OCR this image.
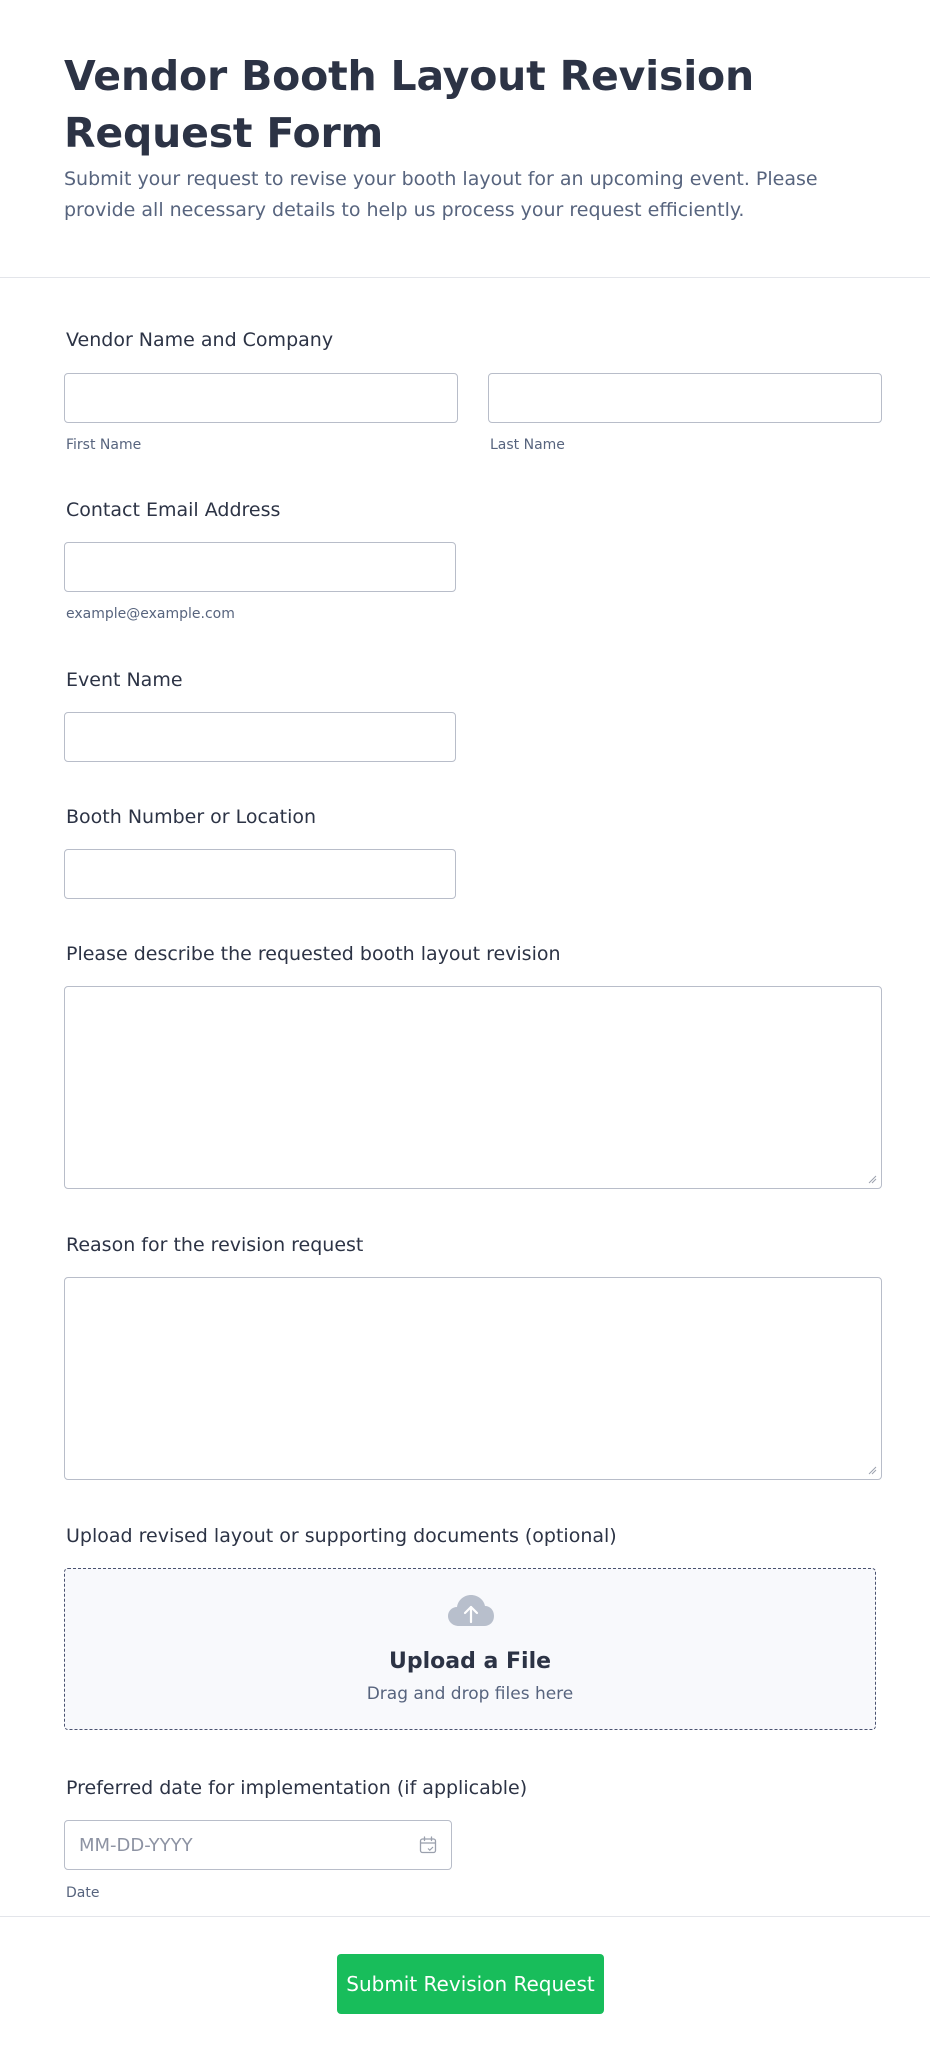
Vendor Booth Layout Revision Request Form

Submit your request to revise your booth layout for an upcoming event. Please provide all necessary details to help us process your request efficiently.

Vendor Name and Company
First Name	Last Name
Contact Email Address
example@example.com
Event Name
Booth Number or Location
Please describe the requested booth layout revision
Reason for the revision request
Upload revised layout or supporting documents (optional)
Upload a File
Drag and drop files here
Preferred date for implementation (if applicable)
MM-DD-YYYY
Date
Submit Revision Request
